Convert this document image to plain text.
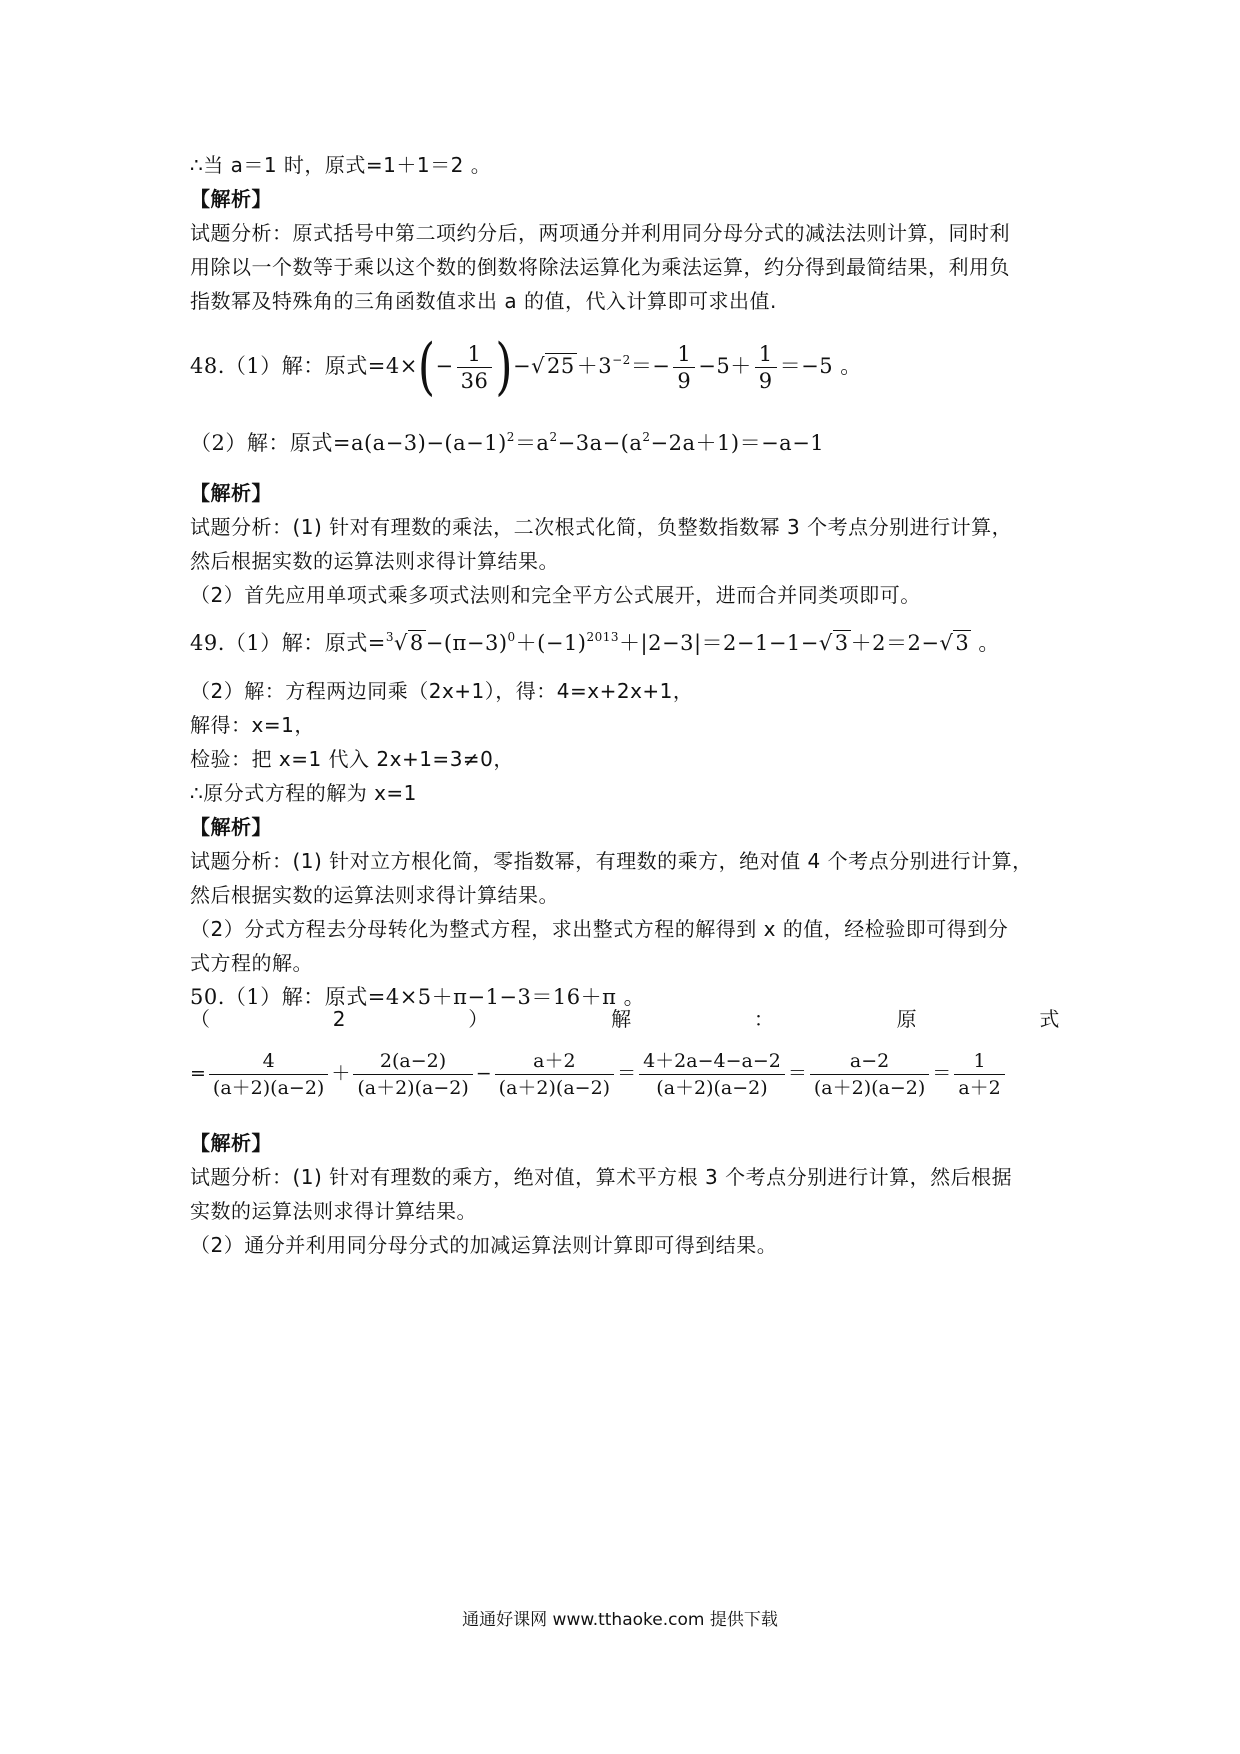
∴当 a＝1 时，原式=1＋1＝2 。
【解析】
试题分析：原式括号中第二项约分后，两项通分并利用同分母分式的减法法则计算，同时利
用除以一个数等于乘以这个数的倒数将除法运算化为乘法运算，约分得到最简结果，利用负
指数幂及特殊角的三角函数值求出 a 的值，代入计算即可求出值.
48.（1）解：原式$=4\times(- \frac{1}{36} )-√25+3^{-2}=- \frac{1}{9} -5+ \frac{1}{9} =-5$ 。
（2）解：原式$=a(a-3)-(a-1)^2=a^2-3a-(a^2-2a+1)=-a-1$
【解析】
试题分析：(1) 针对有理数的乘法，二次根式化简，负整数指数幂 3 个考点分别进行计算，
然后根据实数的运算法则求得计算结果。
（2）首先应用单项式乘多项式法则和完全平方公式展开，进而合并同类项即可。
49.（1）解：原式$=^3√8-(\pi-3)^0+(-1)^{2013}+|2-3|=2-1-1-√3+2=2-√3$ 。
（2）解：方程两边同乘（2x+1），得：4=x+2x+1，
解得：x=1，
检验：把 x=1 代入 2x+1=3≠0，
∴原分式方程的解为 x=1
【解析】
试题分析：(1) 针对立方根化简，零指数幂，有理数的乘方，绝对值 4 个考点分别进行计算，
然后根据实数的运算法则求得计算结果。
（2）分式方程去分母转化为整式方程，求出整式方程的解得到 x 的值，经检验即可得到分
式方程的解。
50.（1）解：原式=4×5＋π−1−3＝16＋π 。
（	2	）	解	：	原	式
= $\frac{4}{(a+2)(a-2)} + \frac{2(a-2)}{(a+2)(a-2)} - \frac{a+2}{(a+2)(a-2)} = \frac{4+2a-4-a-2}{(a+2)(a-2)} = \frac{a-2}{(a+2)(a-2)} = \frac{1}{a+2}$
【解析】
试题分析：(1) 针对有理数的乘方，绝对值，算术平方根 3 个考点分别进行计算，然后根据
实数的运算法则求得计算结果。
（2）通分并利用同分母分式的加减运算法则计算即可得到结果。
通通好课网 www.tthaoke.com 提供下载
